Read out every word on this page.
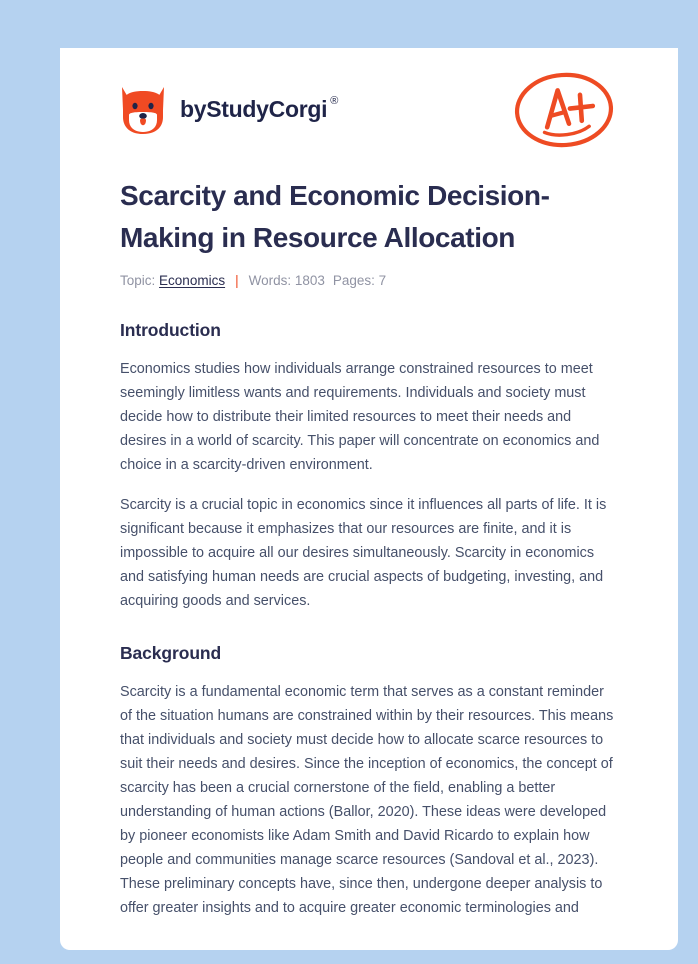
by StudyCorgi ®
Scarcity and Economic Decision-Making in Resource Allocation
Topic:
Economics | Words: 1803 Pages: 7
Introduction

Economics studies how individuals arrange constrained resources to meet seemingly limitless wants and requirements. Individuals and society must decide how to distribute their limited resources to meet their needs and desires in a world of scarcity. This paper will concentrate on economics and choice in a scarcity-driven environment.

Scarcity is a crucial topic in economics since it influences all parts of life. It is significant because it emphasizes that our resources are finite, and it is impossible to acquire all our desires simultaneously. Scarcity in economics and satisfying human needs are crucial aspects of budgeting, investing, and acquiring goods and services.

Background

Scarcity is a fundamental economic term that serves as a constant reminder of the situation humans are constrained within by their resources. This means that individuals and society must decide how to allocate scarce resources to suit their needs and desires. Since the inception of economics, the concept of scarcity has been a crucial cornerstone of the field, enabling a better understanding of human actions (Ballor, 2020). These ideas were developed by pioneer economists like Adam Smith and David Ricardo to explain how people and communities manage scarce resources (Sandoval et al., 2023). These preliminary concepts have, since then, undergone deeper analysis to offer greater insights and to acquire greater economic terminologies and
